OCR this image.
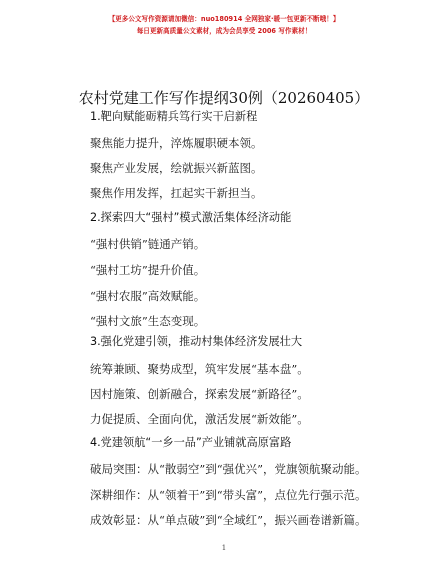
【更多公文写作资源请加微信：nuo180914 全网独家·暖一包更新不断哦！】
每日更新高质量公文素材，成为会员享受 2006 写作素材！
农村党建工作写作提纲30例（20260405）
1.靶向赋能砺精兵笃行实干启新程
聚焦能力提升，淬炼履职硬本领。
聚焦产业发展，绘就振兴新蓝图。
聚焦作用发挥，扛起实干新担当。
2.探索四大“强村”模式激活集体经济动能
“强村供销”链通产销。
“强村工坊”提升价值。
“强村农服”高效赋能。
“强村文旅”生态变现。
3.强化党建引领，推动村集体经济发展壮大
统筹兼顾、聚势成型，筑牢发展“基本盘”。
因村施策、创新融合，探索发展“新路径”。
力促提质、全面向优，激活发展“新效能”。
4.党建领航“一乡一品”产业铺就高原富路
破局突围：从“散弱空”到“强优兴”，党旗领航聚动能。
深耕细作：从“领着干”到“带头富”，点位先行强示范。
成效彰显：从“单点破”到“全域红”，振兴画卷谱新篇。
1
